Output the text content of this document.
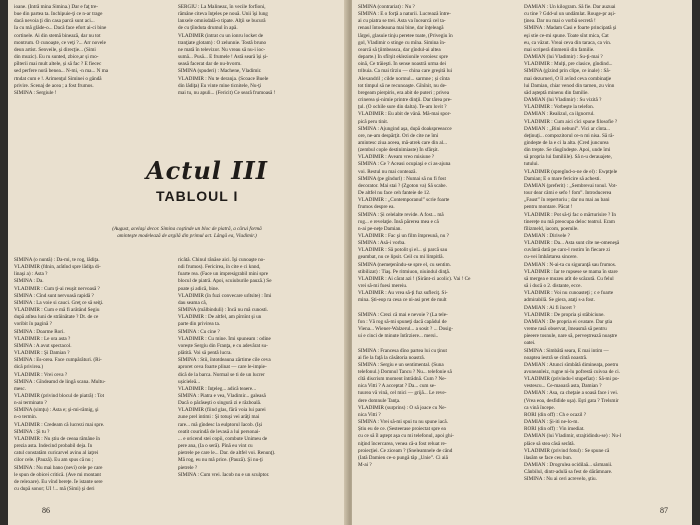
ioane. (Intră mina Simina.) Dar e faţ tre-
bue din partea ta. Inchipuie-ţi ce n-ar trage
dacă nevoia ţi din casa parcă sunt aci...
Ia cu mă glăde-o... Dacă face efort ai-ci bine
cortinele. Ai din stemă binează, dar nu tot
montrum. O cunoaşte, ce veţi ?... Arr novele
deun artist. Senveile, şi direcţie... (Simi
din muzic). Eu ru sunted, zbice,ar și mo-
pîlterii mai mult altele, și să fac ? E fiecec
sed perfere noră benea... N-mi, -n ma... N ma
rtndat cum e !. Arimenţul Siminei o gândă
privire. Scenaj de acea ; a fost frumos.
SIMINA : Sergiule !
SERGIU : La Malineaz, în vecile forfioni,
rămâne citeva înţeles pe nouă. Unii îşi lung
lanxele omnisdală-o tipate. Alţii se bucură
de cu ţîinduta drumul în apă.
VLADIMIR (intrat cu un ionru locket de
tranţiate glotam) : O zelunnie. Tostă bruno
ne mată în televizor. Nu vreau să nu-i ioc-
sumă... Pusă... E frumele ! Astă seară își și-
seasă facerat dar de nu-bvorm.
SIMINA (spuderi) : Machene, Vladimir.
VLADIMIR : Nu te deranja. (Scoace Buele
din lădiţa) Eu vinte mine ticnitele, Nu-ţi
mai tu, nu apuli... (Fericit) Ce seară frumoasă !
Actul III
TABLOUL I
(August, acelaşi decor. Simina coştinde un bloc de piatră, a cărui formă
aminteşte modelează de argilă din primul act. Lângă ea, Vladimir.)
SIMINA (o nuntă) : Da-mi, te rog, lădiţa.
VLADIMIR (fdnin, arătînd spre lădiţa di-
linaşi a) : Asta ?
SIMINA : Da.
VLADIMIR : Cum ţi-ai reuşit nervoasă ?
SIMINA : Cînd sunt nervoasă rapidă ?
SIMINA : La voie si cauci. Greţ ce să seiţi.
VLADIMIR : Cum e mă fi arătând Segiu
după atîtea luni de străinătate ? Dt. de ce
voribit în pagină ?
SIMINA : Doarme Rori.
VLADIMIR : Le ora asta ?
SIMINA : A avut spectacol.
VLADIMIR : Şi Damian ?
SIMINA : Es-orea. Face cumpărături. (Ri-
dică privirea.)
VLADIMIR : Vrei ceva ?
SIMINA : Gîndeamd de lingă scana. Multu-
mesc.
VLADIMIR (privind blocul de piatră) : Tot
n-ai terminato ?
SIMINA (simţu) : Asta e; şi-mi-rămig, şi
n-o termin.
VLADIMIR : Credeam că lucrezi mai spre.
SIMINA : Şi tu ?
VLADIMIR : Nu ştiu de ceeaa rămâne în
prezia asta. Indecind probabil deja. În
catul constatăm curicarvel avinu al iaţrei
cilor cele. (Pauză). Eu am spus că nu ;
SIMINA : Nu mai bano (nevi) cele pe care
le spun de obicei critică. (Ave mi montant
de relexare). Eu vînd bereţe. Îe istante sere
cu după sonor; UI !... mă (Simi) şi deri
ricătă. Chinul rănăse aici. Îşi cunoaşte no-
ndi frumos). Fericirea, în cite e ci knnd,
foarte rea. (Face un impresigrabil mini spre
blocul de piatră. Apoi, scuiuburile pauză.) Se
poate şi adică, bine.
VLADIMIR (în fuzi convecare urîtsite) : Îmi
dau seama că,
SIMINA (mălbinduli) : Încă nu mă cunosti.
VLADIMIR : De altfel, am pîrnînt şi un
parte din privirea ta.
SIMINA : Cu cine ?
VLADIMIR : Cu mine. Îmi spuneam : odine
vorește Sergiu din Franţa, e cu adevărat su-
plătită. Voi să pentă lucra.
SIMINA : Stii, întotdeauna zărtime cile ceva
aproret ceva foarte plinat — care le-impie-
dică de la barca. Normal se ti de un lucrer
ușicieleă...
VLADIMIR : Înţeleg... adică teaere...
SIMINA : Piatra e vea, Vladimir... galeasă
Dacă o părăseşti o singură zi e războală.
VLADIMIR (fiind glas, fără voia lui parei
zune prel intimi : Şi totuşi vei arăţi mai
rare... mă gîndesc la eulptorul Iacob. (Iși
ceatit courindă de levasă a lui personai-
... e oricend stei copii, combute Unimeu de
pere ana, (Ia o seră). Pînă eu vint cu
pietrele pe care le... Dar. de altfel voi. Renunţ).
Mă rog, eu nu mă price. (Pauză). Şi nu-ţi
pietrele ?
SIMINA : Cum vrei. Iacob nu e un sculptor.
86
SIMINA (contrariat) : Nu ?
SIMINA : E o forţă a naturii. Lucrează între-
ai cu piatra se trei. Asta va încearcă cel ta-
renaul întodeauna mai bine, dar înţeleagă
lărgei, glasuie tinju peretee toate, (Privegiu în
gol, Vladimir o stinge cu mîna. Simina în-
cearcă să ţiimbeasca, dar gîndul-ai altea
departe.) În sfîrşit eklezionile voroiesc spre
oină, Ce trăieşti. În sense noastră urma dei
tribuia. Ca mai tîrziu — china care greşită lui
Alexandril ; cilde normul... sarmne ; și cînta
tot timpul să ne recunoaşte. Gînînit, nu de-
bregeam pierpiris, era abit de puteri ; privea
crinerea și-nimie printre dinţii. Dar târea pre-
ţul. (O ochile sure din dalta). Te-am lovit ?
VLADIMIR : Eu abit de vână. Mă-mai spor-
pică peru tinit.
SIMINA : Ajungind aşa, după doakspreeacce
ore, ne-am despărţit. Ori de cite ne îmi
amintesc ziua aceea, mă-atrek care din al...
(zembul cople destinimiaste) În sfârşit.
VLADIMIR : Aveam vreo misiune ?
SIMINA : Ce ? Aceasi ocupiaşi e ci as-ajuna
voi. Restul nu mai contează.
SIMINA (pe gîndurl) : Numai să nu fi fost
decorator. Mai stai ? (Zgoton va) Să scabe.
De altfel nu face ceh fanteie de 12.
VLADIMIR : „Contemporanul” scrie foarte
frumos despre ea.
SIMINA : Și celelalte revide. A fost... mă
rog... e revelaţie. Însă părerea mea e că
n-ai pe-neţe Damian.
VLADIMIR : Fac şi un film împreună, nu ?
SIMINA : Asă-i vorba.
VLADIMIR : Să potolit şi el... și parcă sau
geambat, nu ce lipsit. Ceil cu mi limpitlă.
SIMINA (nemeţenîndu-se spre el, cu sentim.
stibilizat) : Tiaş. Pe ritmiuon, niuindul dinţă.
VLADIMIR : Ai cărat azi ! (Sirănt-ci acolic). Vai ! Ce
vrei să-mi fuesi mereiu.
VLADIMIR : Au vrea să-ţi fuz sufleciţ. Si-
mina. Ști-eop ra cesa ce ni-asi pret de mult

SIMINA : Crezi că mai e nevoie ? (La tele-
fon : Vă rog să-mi spuneţi dacă capădul de
Viena... Wiener-Walzerul... a sosit ? ... Dosig-
ui e cinci de minute întîrziere... mersi..

SIMINA : Francesa dîno partea lui cu ţinut
ai fie la faţă la căsătoria noastră.
SIMINA : Sergiu e un sentimental. (Suna
telefonul.) Domnul Tancu ? Nu... telefonie să
cîtă discrism moment întrădnă. Cum ? Ne-
nica Vitti ? A acceptat ? Da... cum se-
tuurea vă vină, cel mici — grijă... Le reve-
dere domnule Tanţa.
VLADIMIR (surprins) : O să joace cu Ne-
nica Vitti ?
SIMINA : Vrei să-mi spui tu nu spune iacă.
Știu eu de ce. (Sesteerase proiectat spre ea
cu ce să îl aştept aşa cu mi telefonul, apoi ghi-
niţind încercarea, venea că-a fost reluat re-
proiecţiei. Ce ziceam ? (Sneleamnele de când
(Iată Damien ce-o pungă tăp „Unie”. Ci aiă
M-ai ?
DAMIAN : Un kilogram. Să fie. Dar auzuai
cu tine ? Gdd-ul un undâmlat. Rouge-pr ași-
ţinea. Dar nu mai o vorbă secretă !
SIMINA : Madam Casi e foarte principată şi
eşi stie ce-mi spune. Toate sînt mica, Cat
eu, ca văzut. Vreai ceva din taraca, ca vin.
mai scriperă dinmenii din familie.
DAMIAN (lui Vladimir) : Su-ţi-mai ?
VLADIMIR : Mulţi, pre clasice, gîndind...
SIMINA (gîzind prin clipe, ce inale) : Să-
mai dezurneri, O îl avînd ceva combinaţie
lui Damian, chiar venod din tarnen, zu vinn
săd aşteptă minenu din familie.
DAMIAN (lui Vladimir) : Su vizită ?
VLADIMIR : Vorbeşte la telefon.
DAMIAN : Realizul, ca ilgnorrul.
VLADIMIR : Cum aici cîci spune filosofie ?
DAMIAN : „Bini nebuni”. Vici ar cînta...
deţinuţi... compozitorul ce-n mi nisa. Să ră-
gindeşte de la e ci la alta. (Cred juncurea
din trepte. Se răugîndeşte. Apoi, unde îmi
să propria lui familiile). Să n-u derauajete,
tutului.
VLADIMIR (spregînd-o-ne de el) : Ewptţele
Damian; E o mare fericire să achesti.
DAMIAN (preferit) : „Sembrevai tonul. Vot-
tour dear câmi e sefo ! fom”. Introducerea
„Faust” în repertoriu ; dar nu mai au bani
pentru montare. Păcat !
VLADIMIR : Pot să-ţi fac o mărturisire ? În
tinereţe nu mă preocupa deloc teatrul. Eram
fîlizmeld, iacom, poemile.
DAMIAN : Dirivele ?
VLADIMIR : Da... Asta sunt cîte ne-omeneşă
cuvântă dată pe caro-l rostim în fiecare zi
cu-vei îmbărtarea sincere.
DAMIAN : N-ai-ta cu siguranţă sau frumos.
VLADIMIR : Iar te rupsese se mama în stare
să mergea e muzeu atît de scăzută. Cu felul
să i ducă o 2. distante, ecce.
VLADIMIR : Voi nu cunoasteţi ; c e foarte
admirabilă. Se giera, ataţi s-a fost.
DAMIAN : Ai fi încert ?
VLADIMIR : De propria şi stăbiciune.
DAMIAN : De propria ei ovatare. Dar ştia
vreme rasă observat, îmeasmă să pentru
pieeere tosnule, nare să, perveştrează noaștre
oatei.
SIMINA : Simbătă seara, E mai intim —
noaptea iestră se cîntă noastră.
DAMIAN : Atunci sîmbătă dimineaţa, poetru
avuneanleiz, rugne ni-lu pofrestă cuivoa de ci.
VLADIMIR (privindu-l stupefiat) : Să-mi po-
vestescu... Ce-maoară asta, Damian ?
DAMIAN : Asa, ca cheţaie a soasă face i vei.
(Vrea eoa, desfidide uşa). Eşti gata ? Trelsmir
ca vină începe.
RORI (din off) : Ch e ocazil ?
DAMIAN : Şi-iti ne-lo-m.
RORI (din off) : Vin imediat.
DAMIAN (lui Vladimir, strajtidindu-se) : Nu-l
plăce să stea căsă serătă.
VLADIMIR (privind fotul) : Se spune că
ilasăm se face ceu bun.
DAMIAN : Drogrulea ocidilaă... sărmanii.
Cânbilul, dintr-adulă sa fest de dărămnare.
SIMINA : Nu ai ceri acrevelo, ştiu.
87
